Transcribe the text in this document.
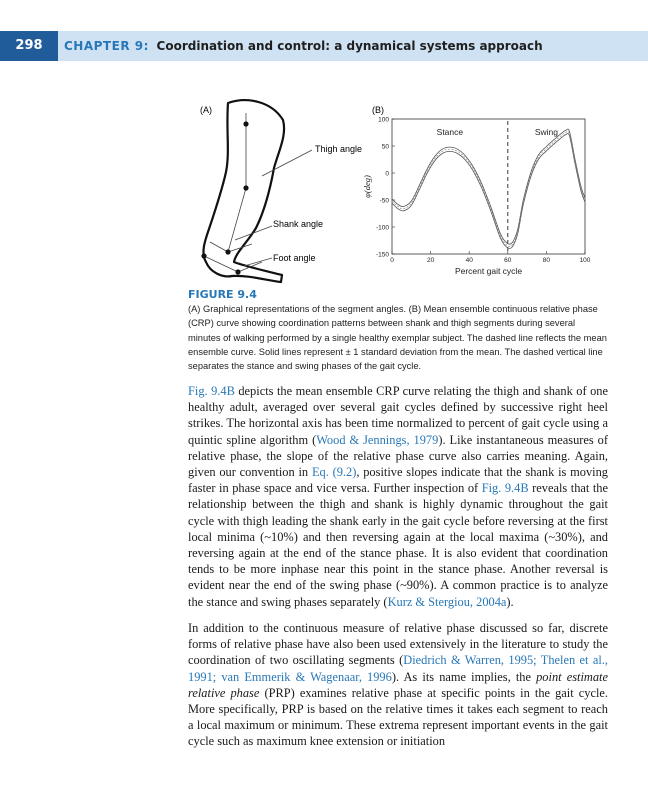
298	CHAPTER 9: Coordination and control: a dynamical systems approach
(A)
Thigh angle
Shank angle
Foot angle
(B)
100
50
0
-50
-100
-150
0	20	40	60	80	100
Percent gait cycle
φ(deg)
Stance	Swing
FIGURE 9.4
(A) Graphical representations of the segment angles. (B) Mean ensemble continuous relative phase (CRP) curve showing coordination patterns between shank and thigh segments during several minutes of walking performed by a single healthy exemplar subject. The dashed line reflects the mean ensemble curve. Solid lines represent ± 1 standard deviation from the mean. The dashed vertical line separates the stance and swing phases of the gait cycle.

Fig. 9.4B depicts the mean ensemble CRP curve relating the thigh and shank of one healthy adult, averaged over several gait cycles defined by successive right heel strikes. The horizontal axis has been time normalized to percent of gait cycle using a quintic spline algorithm (Wood & Jennings, 1979). Like instantaneous measures of relative phase, the slope of the relative phase curve also carries meaning. Again, given our convention in Eq. (9.2), positive slopes indicate that the shank is moving faster in phase space and vice versa. Further inspection of Fig. 9.4B reveals that the relationship between the thigh and shank is highly dynamic throughout the gait cycle with thigh leading the shank early in the gait cycle before reversing at the first local minima (~10%) and then reversing again at the local maxima (~30%), and reversing again at the end of the stance phase. It is also evident that coordination tends to be more inphase near this point in the stance phase. Another reversal is evident near the end of the swing phase (~90%). A common practice is to analyze the stance and swing phases separately (Kurz & Stergiou, 2004a).

In addition to the continuous measure of relative phase discussed so far, discrete forms of relative phase have also been used extensively in the literature to study the coordination of two oscillating segments (Diedrich & Warren, 1995; Thelen et al., 1991; van Emmerik & Wagenaar, 1996). As its name implies, the point estimate relative phase (PRP) examines relative phase at specific points in the gait cycle. More specifically, PRP is based on the relative times it takes each segment to reach a local maximum or minimum. These extrema represent important events in the gait cycle such as maximum knee extension or initiation
